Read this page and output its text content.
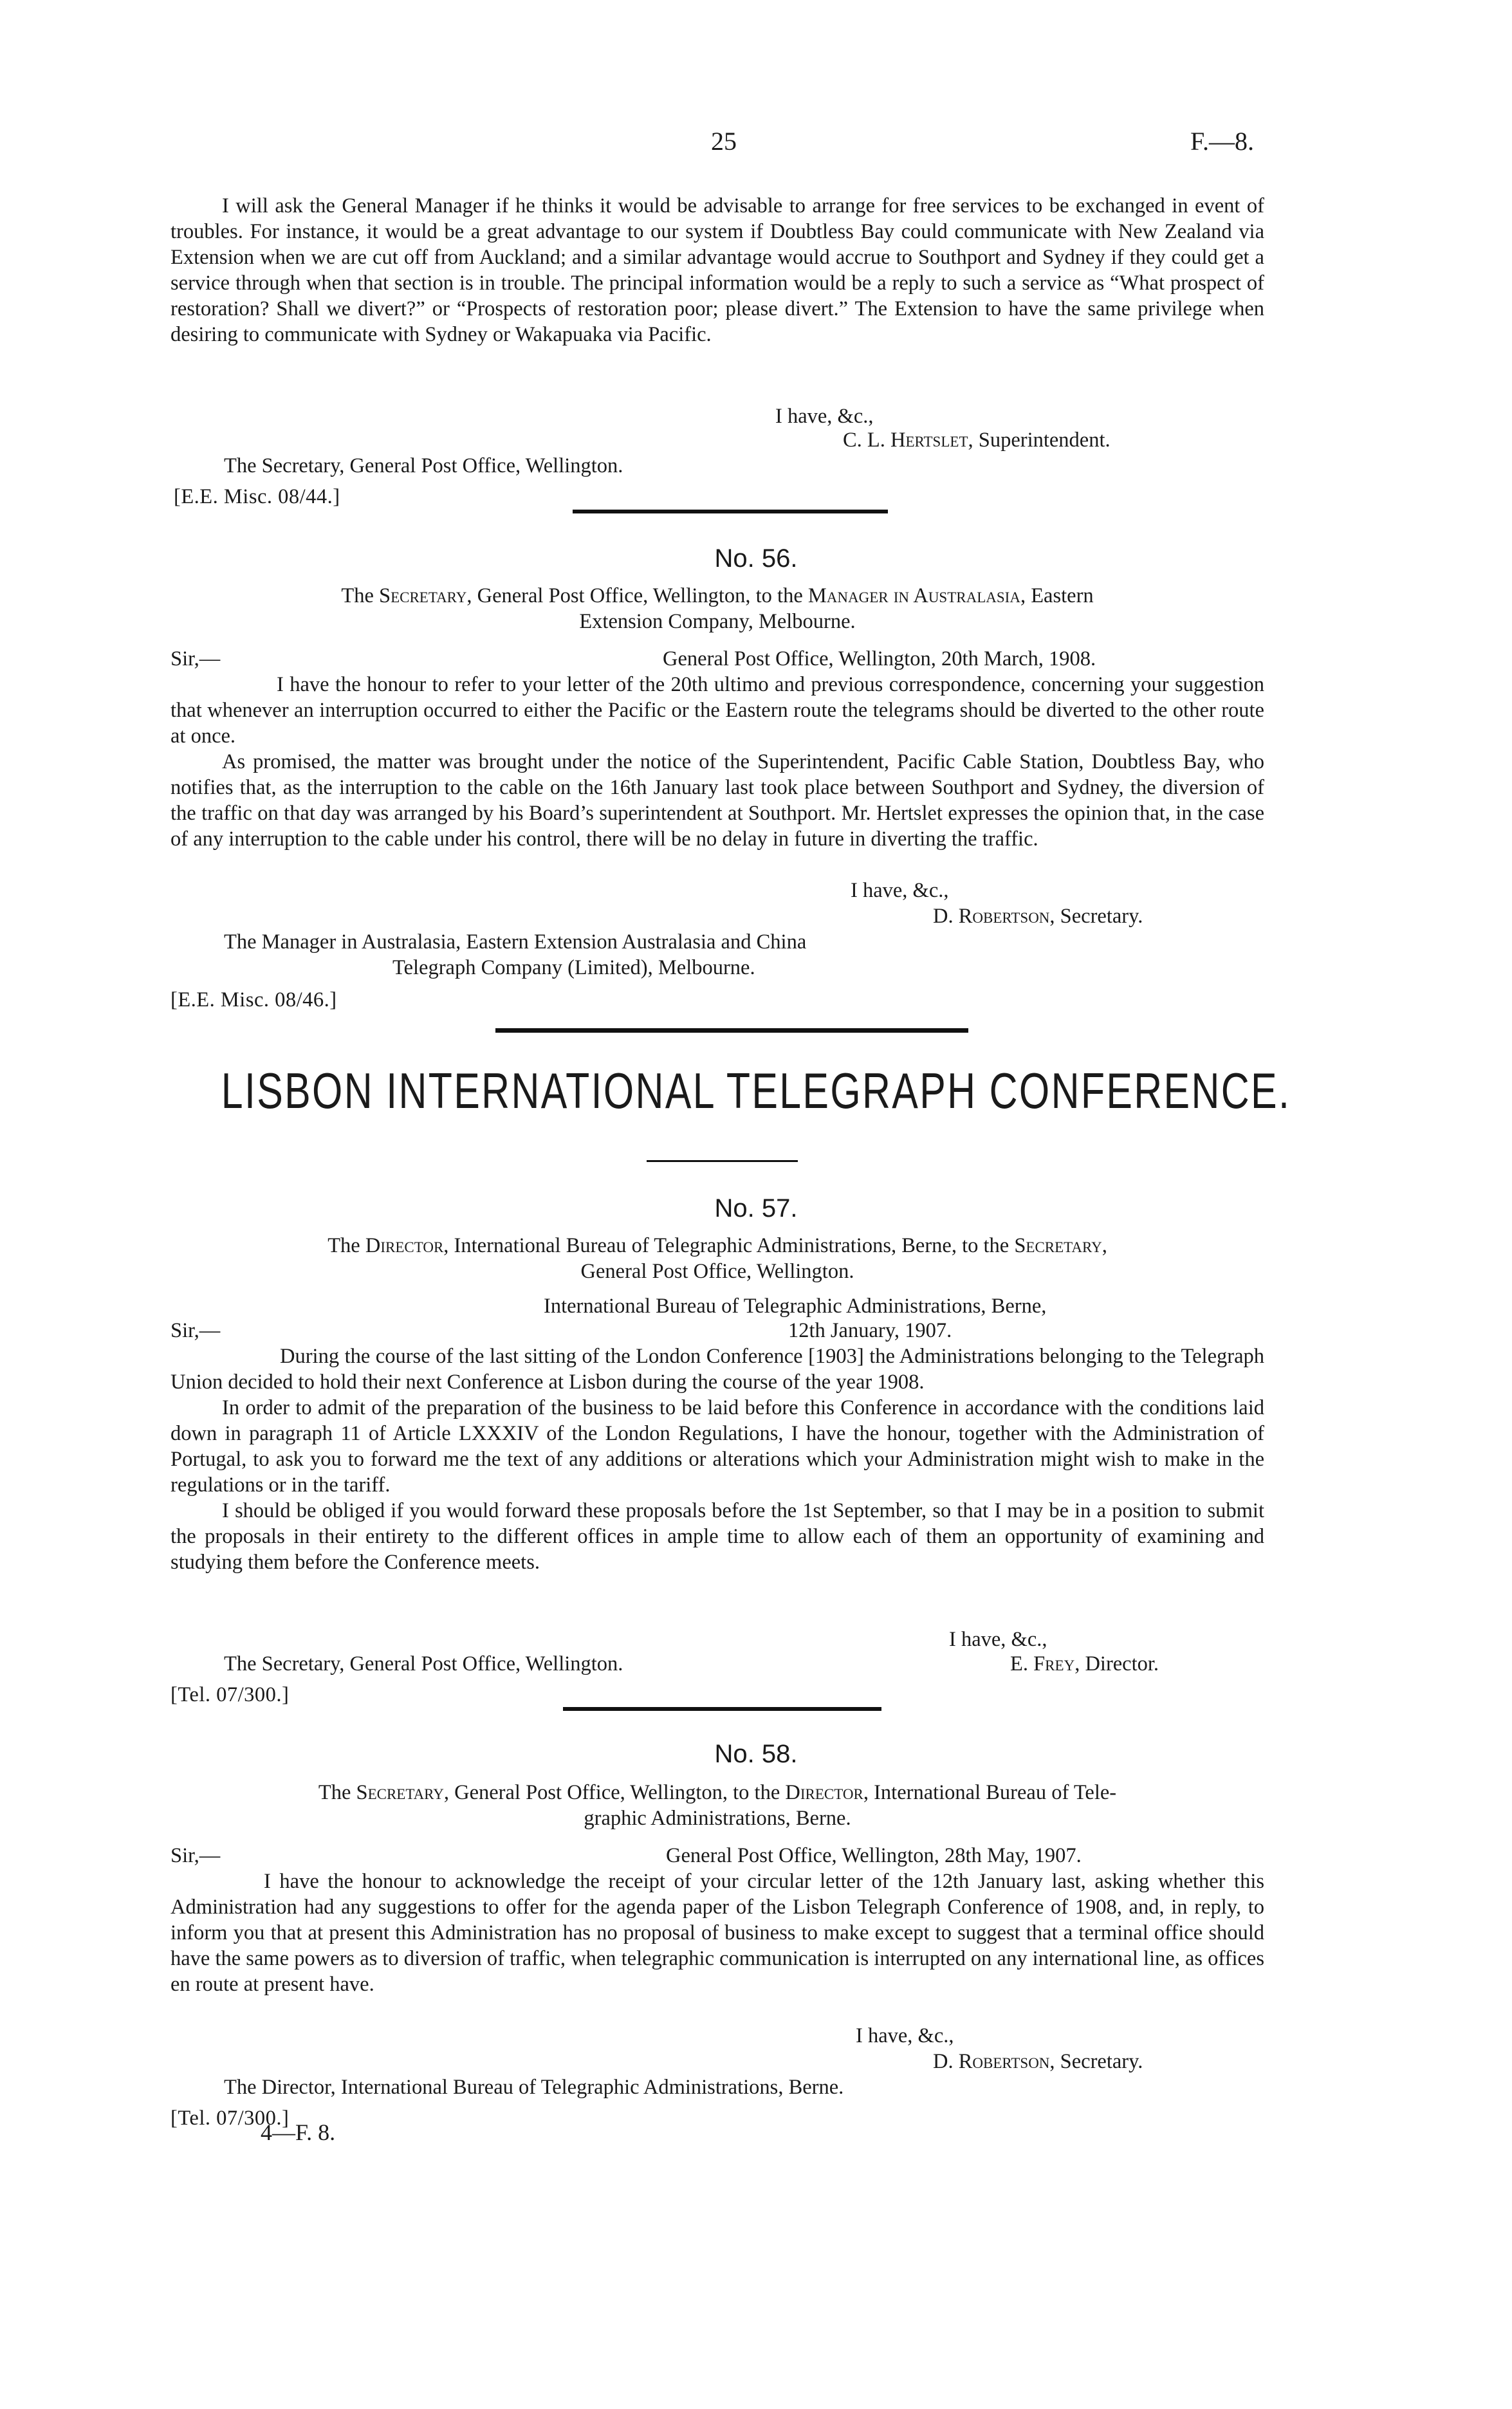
25	F.—8.

I will ask the General Manager if he thinks it would be advisable to arrange for free services to be exchanged in event of troubles. For instance, it would be a great advantage to our system if Doubtless Bay could communicate with New Zealand via Extension when we are cut off from Auckland; and a similar advantage would accrue to Southport and Sydney if they could get a service through when that section is in trouble. The principal information would be a reply to such a service as “What prospect of restoration? Shall we divert?” or “Prospects of restoration poor; please divert.” The Extension to have the same privilege when desiring to communicate with Sydney or Wakapuaka via Pacific.

I have, &c.,
C. L. Hertslet, Superintendent.
The Secretary, General Post Office, Wellington.
[E.E. Misc. 08/44.]
No. 56.

The Secretary, General Post Office, Wellington, to the Manager in Australasia, Eastern

Extension Company, Melbourne.

Sir,—	General Post Office, Wellington, 20th March, 1908.

I have the honour to refer to your letter of the 20th ultimo and previous correspondence, concerning your suggestion that whenever an interruption occurred to either the Pacific or the Eastern route the telegrams should be diverted to the other route at once.

As promised, the matter was brought under the notice of the Superintendent, Pacific Cable Station, Doubtless Bay, who notifies that, as the interruption to the cable on the 16th January last took place between Southport and Sydney, the diversion of the traffic on that day was arranged by his Board’s superintendent at Southport. Mr. Hertslet expresses the opinion that, in the case of any interruption to the cable under his control, there will be no delay in future in diverting the traffic.

I have, &c.,
D. Robertson, Secretary.
The Manager in Australasia, Eastern Extension Australasia and China
Telegraph Company (Limited), Melbourne.
[E.E. Misc. 08/46.]
LISBON INTERNATIONAL TELEGRAPH CONFERENCE.
No. 57.

The Director, International Bureau of Telegraphic Administrations, Berne, to the Secretary,

General Post Office, Wellington.

International Bureau of Telegraphic Administrations, Berne,
Sir,—	12th January, 1907.

During the course of the last sitting of the London Conference [1903] the Administrations belonging to the Telegraph Union decided to hold their next Conference at Lisbon during the course of the year 1908.

In order to admit of the preparation of the business to be laid before this Conference in accordance with the conditions laid down in paragraph 11 of Article LXXXIV of the London Regulations, I have the honour, together with the Administration of Portugal, to ask you to forward me the text of any additions or alterations which your Administration might wish to make in the regulations or in the tariff.

I should be obliged if you would forward these proposals before the 1st September, so that I may be in a position to submit the proposals in their entirety to the different offices in ample time to allow each of them an opportunity of examining and studying them before the Conference meets.

I have, &c.,
The Secretary, General Post Office, Wellington.	E. Frey, Director.
[Tel. 07/300.]
No. 58.

The Secretary, General Post Office, Wellington, to the Director, International Bureau of Tele-

graphic Administrations, Berne.

Sir,—	General Post Office, Wellington, 28th May, 1907.

I have the honour to acknowledge the receipt of your circular letter of the 12th January last, asking whether this Administration had any suggestions to offer for the agenda paper of the Lisbon Telegraph Conference of 1908, and, in reply, to inform you that at present this Administration has no proposal of business to make except to suggest that a terminal office should have the same powers as to diversion of traffic, when telegraphic communication is interrupted on any international line, as offices en route at present have.

I have, &c.,
D. Robertson, Secretary.
The Director, International Bureau of Telegraphic Administrations, Berne.
[Tel. 07/300.]
4—F. 8.
